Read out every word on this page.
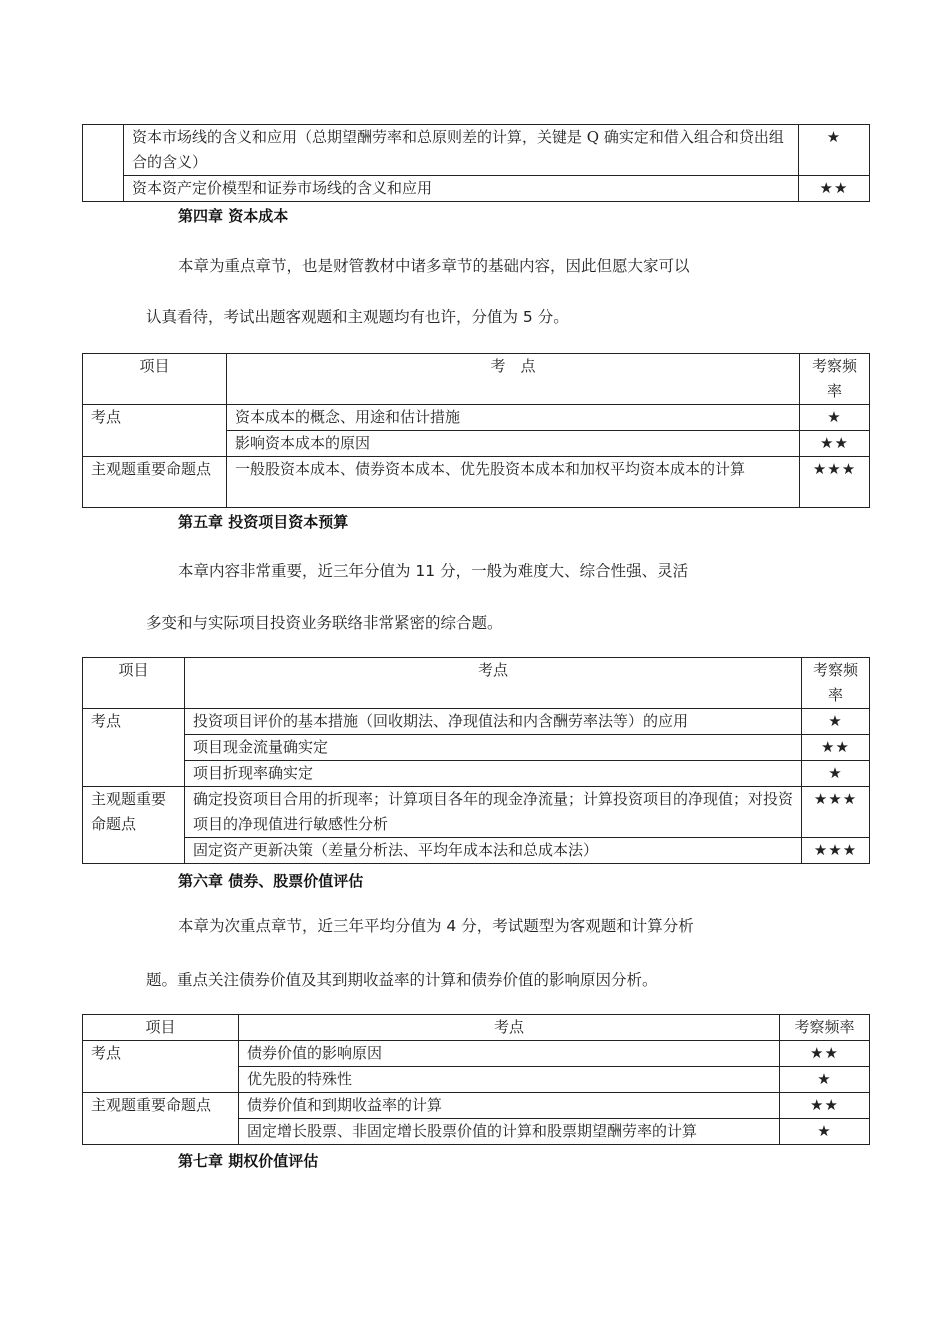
	资本市场线的含义和应用（总期望酬劳率和总原则差的计算，关键是 Q 确实定和借入组合和贷出组合的含义）	★
	资本资产定价模型和证券市场线的含义和应用	★★
第四章 资本成本
本章为重点章节，也是财管教材中诸多章节的基础内容，因此但愿大家可以
认真看待，考试出题客观题和主观题均有也许，分值为 5 分。
项目	考　点	考察频率
考点	资本成本的概念、用途和估计措施	★
	影响资本成本的原因	★★
主观题重要命题点	一般股资本成本、债券资本成本、优先股资本成本和加权平均资本成本的计算	★★★
第五章 投资项目资本预算
本章内容非常重要，近三年分值为 11 分，一般为难度大、综合性强、灵活
多变和与实际项目投资业务联络非常紧密的综合题。
项目	考点	考察频率
考点	投资项目评价的基本措施（回收期法、净现值法和内含酬劳率法等）的应用	★
	项目现金流量确实定	★★
	项目折现率确实定	★
主观题重要命题点	确定投资项目合用的折现率；计算项目各年的现金净流量；计算投资项目的净现值；对投资项目的净现值进行敏感性分析	★★★
	固定资产更新决策（差量分析法、平均年成本法和总成本法）	★★★
第六章 债券、股票价值评估
本章为次重点章节，近三年平均分值为 4 分，考试题型为客观题和计算分析
题。重点关注债券价值及其到期收益率的计算和债券价值的影响原因分析。
项目	考点	考察频率
考点	债券价值的影响原因	★★
	优先股的特殊性	★
主观题重要命题点	债券价值和到期收益率的计算	★★
	固定增长股票、非固定增长股票价值的计算和股票期望酬劳率的计算	★
第七章 期权价值评估
